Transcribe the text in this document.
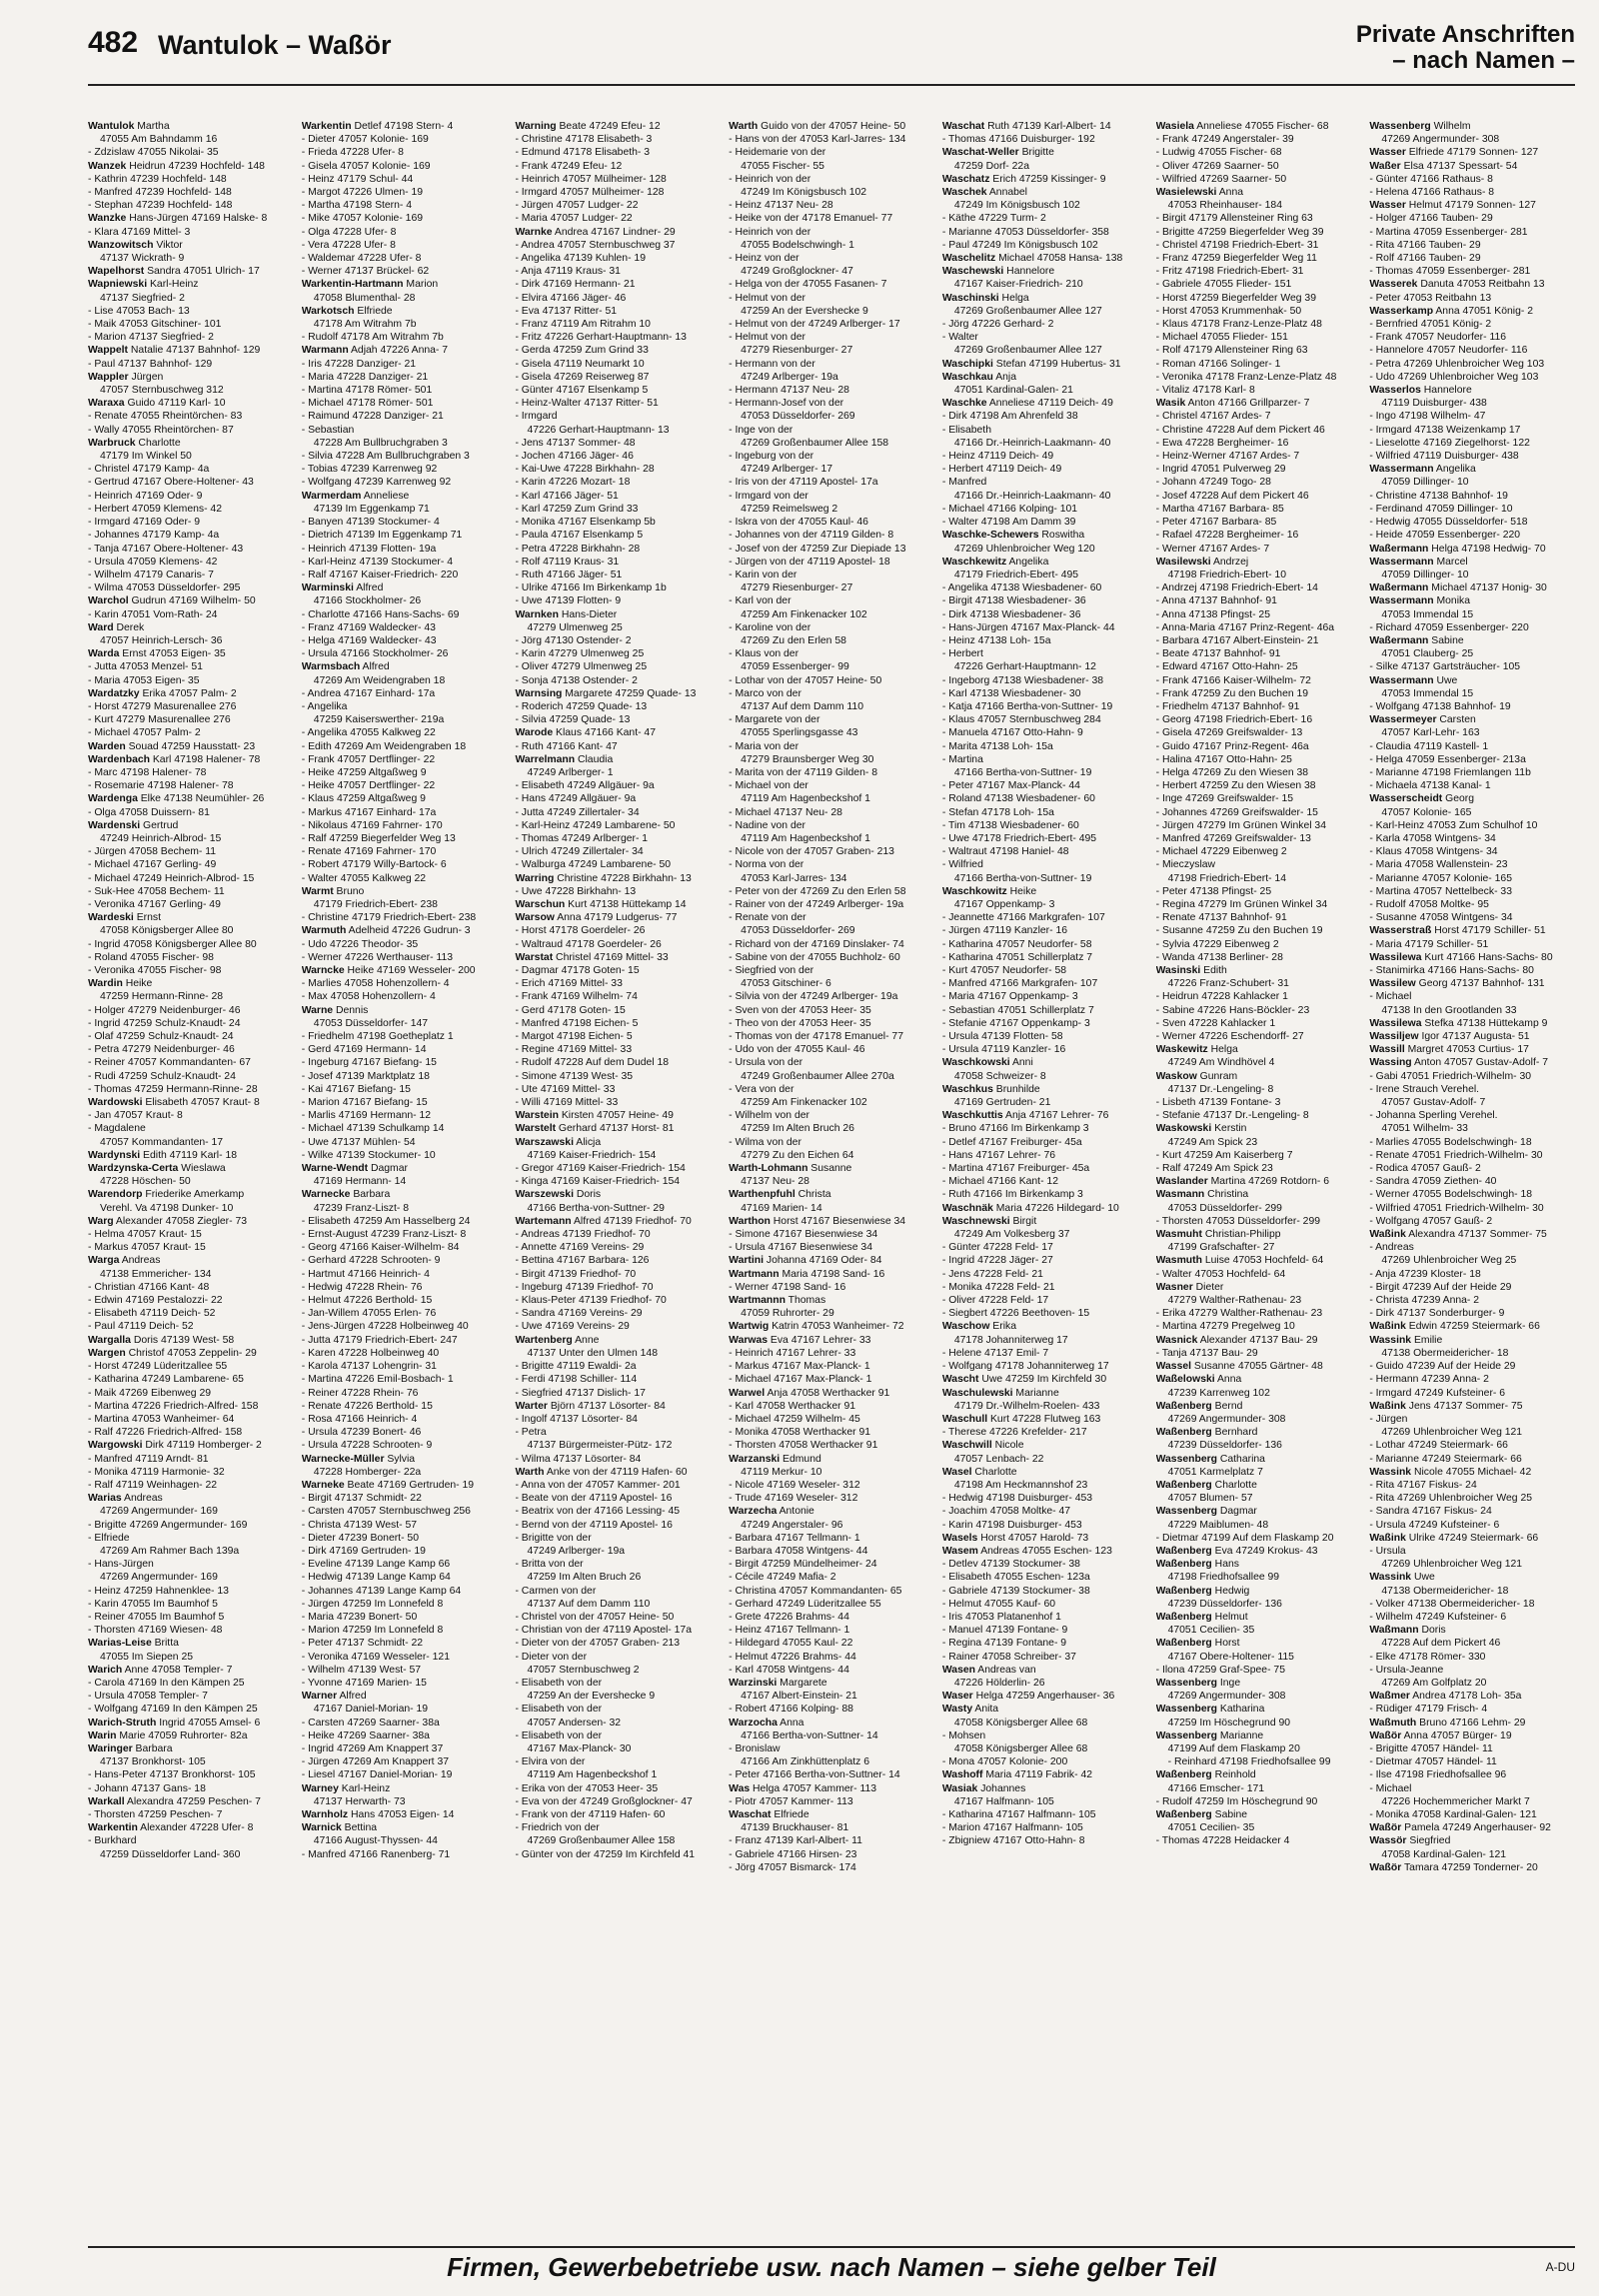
482 Wantulok – Waßör	Private Anschriften
– nach Namen –
Wantulok Martha
47055 Am Bahndamm 16
- Zdzislaw 47055 Nikolai- 35
Wanzek Heidrun 47239 Hochfeld- 148
- Kathrin 47239 Hochfeld- 148
- Manfred 47239 Hochfeld- 148
- Stephan 47239 Hochfeld- 148
Wanzke Hans-Jürgen 47169 Halske- 8
- Klara 47169 Mittel- 3
Wanzowitsch Viktor
47137 Wickrath- 9
Wapelhorst Sandra 47051 Ulrich- 17
Wapniewski Karl-Heinz
47137 Siegfried- 2
- Lise 47053 Bach- 13
- Maik 47053 Gitschiner- 101
- Marion 47137 Siegfried- 2
Wappelt Natalie 47137 Bahnhof- 129
- Paul 47137 Bahnhof- 129
Wappler Jürgen
47057 Sternbuschweg 312
Waraxa Guido 47119 Karl- 10
- Renate 47055 Rheintörchen- 83
- Wally 47055 Rheintörchen- 87
Warbruck Charlotte
47179 Im Winkel 50
- Christel 47179 Kamp- 4a
- Gertrud 47167 Obere-Holtener- 43
- Heinrich 47169 Oder- 9
- Herbert 47059 Klemens- 42
- Irmgard 47169 Oder- 9
- Johannes 47179 Kamp- 4a
- Tanja 47167 Obere-Holtener- 43
- Ursula 47059 Klemens- 42
- Wilhelm 47179 Canaris- 7
- Wilma 47053 Düsseldorfer- 295
Warchol Gudrun 47169 Wilhelm- 50
- Karin 47051 Vom-Rath- 24
Ward Derek
47057 Heinrich-Lersch- 36
Warda Ernst 47053 Eigen- 35
- Jutta 47053 Menzel- 51
- Maria 47053 Eigen- 35
Wardatzky Erika 47057 Palm- 2
- Horst 47279 Masurenallee 276
- Kurt 47279 Masurenallee 276
- Michael 47057 Palm- 2
Warden Souad 47259 Hausstatt- 23
Wardenbach Karl 47198 Halener- 78
- Marc 47198 Halener- 78
- Rosemarie 47198 Halener- 78
Wardenga Elke 47138 Neumühler- 26
- Olga 47058 Duissern- 81
Wardenski Gertrud
47249 Heinrich-Albrod- 15
- Jürgen 47058 Bechem- 11
- Michael 47167 Gerling- 49
- Michael 47249 Heinrich-Albrod- 15
- Suk-Hee 47058 Bechem- 11
- Veronika 47167 Gerling- 49
Wardeski Ernst
47058 Königsberger Allee 80
- Ingrid 47058 Königsberger Allee 80
- Roland 47055 Fischer- 98
- Veronika 47055 Fischer- 98
Wardin Heike
47259 Hermann-Rinne- 28
- Holger 47279 Neidenburger- 46
- Ingrid 47259 Schulz-Knaudt- 24
- Olaf 47259 Schulz-Knaudt- 24
- Petra 47279 Neidenburger- 46
- Reiner 47057 Kommandanten- 67
- Rudi 47259 Schulz-Knaudt- 24
- Thomas 47259 Hermann-Rinne- 28
Wardowski Elisabeth 47057 Kraut- 8
- Jan 47057 Kraut- 8
- Magdalene
47057 Kommandanten- 17
Wardynski Edith 47119 Karl- 18
Wardzynska-Certa Wieslawa
47228 Höschen- 50
Warendorp Friederike Amerkamp
Verehl. Va 47198 Dunker- 10
Warg Alexander 47058 Ziegler- 73
- Helma 47057 Kraut- 15
- Markus 47057 Kraut- 15
Warga Andreas
47138 Emmericher- 134
- Christian 47166 Kant- 48
- Edwin 47169 Pestalozzi- 22
- Elisabeth 47119 Deich- 52
- Paul 47119 Deich- 52
Wargalla Doris 47139 West- 58
Wargen Christof 47053 Zeppelin- 29
- Horst 47249 Lüderitzallee 55
- Katharina 47249 Lambarene- 65
- Maik 47269 Eibenweg 29
- Martina 47226 Friedrich-Alfred- 158
- Martina 47053 Wanheimer- 64
- Ralf 47226 Friedrich-Alfred- 158
Wargowski Dirk 47119 Homberger- 2
- Manfred 47119 Arndt- 81
- Monika 47119 Harmonie- 32
- Ralf 47119 Weinhagen- 22
Warias Andreas
47269 Angermunder- 169
- Brigitte 47269 Angermunder- 169
- Elfriede
47269 Am Rahmer Bach 139a
- Hans-Jürgen
47269 Angermunder- 169
- Heinz 47259 Hahnenklee- 13
- Karin 47055 Im Baumhof 5
- Reiner 47055 Im Baumhof 5
- Thorsten 47169 Wiesen- 48
Warias-Leise Britta
47055 Im Siepen 25
Warich Anne 47058 Templer- 7
- Carola 47169 In den Kämpen 25
- Ursula 47058 Templer- 7
- Wolfgang 47169 In den Kämpen 25
Warich-Struth Ingrid 47055 Amsel- 6
Warin Marie 47059 Ruhrorter- 82a
Waringer Barbara
47137 Bronkhorst- 105
- Hans-Peter 47137 Bronkhorst- 105
- Johann 47137 Gans- 18
Warkall Alexandra 47259 Peschen- 7
- Thorsten 47259 Peschen- 7
Warkentin Alexander 47228 Ufer- 8
- Burkhard
47259 Düsseldorfer Land- 360
Warkentin Detlef 47198 Stern- 4
- Dieter 47057 Kolonie- 169
- Frieda 47228 Ufer- 8
- Gisela 47057 Kolonie- 169
- Heinz 47179 Schul- 44
- Margot 47226 Ulmen- 19
- Martha 47198 Stern- 4
- Mike 47057 Kolonie- 169
- Olga 47228 Ufer- 8
- Vera 47228 Ufer- 8
- Waldemar 47228 Ufer- 8
- Werner 47137 Brückel- 62
Warkentin-Hartmann Marion
47058 Blumenthal- 28
Warkotsch Elfriede
47178 Am Witrahm 7b
- Rudolf 47178 Am Witrahm 7b
Warmann Adjah 47226 Anna- 7
- Iris 47228 Danziger- 21
- Maria 47228 Danziger- 21
- Martina 47178 Römer- 501
- Michael 47178 Römer- 501
- Raimund 47228 Danziger- 21
- Sebastian
47228 Am Bullbruchgraben 3
- Silvia 47228 Am Bullbruchgraben 3
- Tobias 47239 Karrenweg 92
- Wolfgang 47239 Karrenweg 92
Warmerdam Anneliese
47139 Im Eggenkamp 71
- Banyen 47139 Stockumer- 4
- Dietrich 47139 Im Eggenkamp 71
- Heinrich 47139 Flotten- 19a
- Karl-Heinz 47139 Stockumer- 4
- Ralf 47167 Kaiser-Friedrich- 220
Warminski Alfred
47166 Stockholmer- 26
- Charlotte 47166 Hans-Sachs- 69
- Franz 47169 Waldecker- 43
- Helga 47169 Waldecker- 43
- Ursula 47166 Stockholmer- 26
Warmsbach Alfred
47269 Am Weidengraben 18
- Andrea 47167 Einhard- 17a
- Angelika
47259 Kaiserswerther- 219a
- Angelika 47055 Kalkweg 22
- Edith 47269 Am Weidengraben 18
- Frank 47057 Dertflinger- 22
- Heike 47259 Altgaßweg 9
- Heike 47057 Dertflinger- 22
- Klaus 47259 Altgaßweg 9
- Markus 47167 Einhard- 17a
- Nikolaus 47169 Fahrner- 170
- Ralf 47259 Biegerfelder Weg 13
- Renate 47169 Fahrner- 170
- Robert 47179 Willy-Bartock- 6
- Walter 47055 Kalkweg 22
Warmt Bruno
47179 Friedrich-Ebert- 238
- Christine 47179 Friedrich-Ebert- 238
Warmuth Adelheid 47226 Gudrun- 3
- Udo 47226 Theodor- 35
- Werner 47226 Werthauser- 113
Warncke Heike 47169 Wesseler- 200
- Marlies 47058 Hohenzollern- 4
- Max 47058 Hohenzollern- 4
Warne Dennis
47053 Düsseldorfer- 147
- Friedhelm 47198 Goetheplatz 1
- Gerd 47169 Hermann- 14
- Ingeburg 47167 Biefang- 15
- Josef 47139 Marktplatz 18
- Kai 47167 Biefang- 15
- Marion 47167 Biefang- 15
- Marlis 47169 Hermann- 12
- Michael 47139 Schulkamp 14
- Uwe 47137 Mühlen- 54
- Wilke 47139 Stockumer- 10
Warne-Wendt Dagmar
47169 Hermann- 14
Warnecke Barbara
47239 Franz-Liszt- 8
- Elisabeth 47259 Am Hasselberg 24
- Ernst-August 47239 Franz-Liszt- 8
- Georg 47166 Kaiser-Wilhelm- 84
- Gerhard 47228 Schrooten- 9
- Hartmut 47166 Heinrich- 4
- Hedwig 47228 Rhein- 76
- Helmut 47226 Berthold- 15
- Jan-Willem 47055 Erlen- 76
- Jens-Jürgen 47228 Holbeinweg 40
- Jutta 47179 Friedrich-Ebert- 247
- Karen 47228 Holbeinweg 40
- Karola 47137 Lohengrin- 31
- Martina 47226 Emil-Bosbach- 1
- Reiner 47228 Rhein- 76
- Renate 47226 Berthold- 15
- Rosa 47166 Heinrich- 4
- Ursula 47239 Bonert- 46
- Ursula 47228 Schrooten- 9
Warnecke-Müller Sylvia
47228 Homberger- 22a
Warneke Beate 47169 Gertruden- 19
- Birgit 47137 Schmidt- 22
- Carsten 47057 Sternbuschweg 256
- Christa 47139 West- 57
- Dieter 47239 Bonert- 50
- Dirk 47169 Gertruden- 19
- Eveline 47139 Lange Kamp 66
- Hedwig 47139 Lange Kamp 64
- Johannes 47139 Lange Kamp 64
- Jürgen 47259 Im Lonnefeld 8
- Maria 47239 Bonert- 50
- Marion 47259 Im Lonnefeld 8
- Peter 47137 Schmidt- 22
- Veronika 47169 Wesseler- 121
- Wilhelm 47139 West- 57
- Yvonne 47169 Marien- 15
Warner Alfred
47167 Daniel-Morian- 19
- Carsten 47269 Saarner- 38a
- Heike 47269 Saarner- 38a
- Ingrid 47269 Am Knappert 37
- Jürgen 47269 Am Knappert 37
- Liesel 47167 Daniel-Morian- 19
Warney Karl-Heinz
47137 Herwarth- 73
Warnholz Hans 47053 Eigen- 14
Warnick Bettina
47166 August-Thyssen- 44
- Manfred 47166 Ranenberg- 71
Warning Beate 47249 Efeu- 12
- Christine 47178 Elisabeth- 3
- Edmund 47178 Elisabeth- 3
- Frank 47249 Efeu- 12
- Heinrich 47057 Mülheimer- 128
- Irmgard 47057 Mülheimer- 128
- Jürgen 47057 Ludger- 22
- Maria 47057 Ludger- 22
Warnke Andrea 47167 Lindner- 29
- Andrea 47057 Sternbuschweg 37
- Angelika 47139 Kuhlen- 19
- Anja 47119 Kraus- 31
- Dirk 47169 Hermann- 21
- Elvira 47166 Jäger- 46
- Eva 47137 Ritter- 51
- Franz 47119 Am Ritrahm 10
- Fritz 47226 Gerhart-Hauptmann- 13
- Gerda 47259 Zum Grind 33
- Gisela 47119 Neumarkt 10
- Gisela 47269 Reiserweg 87
- Günter 47167 Elsenkamp 5
- Heinz-Walter 47137 Ritter- 51
- Irmgard
47226 Gerhart-Hauptmann- 13
- Jens 47137 Sommer- 48
- Jochen 47166 Jäger- 46
- Kai-Uwe 47228 Birkhahn- 28
- Karin 47226 Mozart- 18
- Karl 47166 Jäger- 51
- Karl 47259 Zum Grind 33
- Monika 47167 Elsenkamp 5b
- Paula 47167 Elsenkamp 5
- Petra 47228 Birkhahn- 28
- Rolf 47119 Kraus- 31
- Ruth 47166 Jäger- 51
- Ulrike 47166 Im Birkenkamp 1b
- Uwe 47139 Flotten- 9
Warnken Hans-Dieter
47279 Ulmenweg 25
- Jörg 47130 Ostender- 2
- Karin 47279 Ulmenweg 25
- Oliver 47279 Ulmenweg 25
- Sonja 47138 Ostender- 2
Warnsing Margarete 47259 Quade- 13
- Roderich 47259 Quade- 13
- Silvia 47259 Quade- 13
Warode Klaus 47166 Kant- 47
- Ruth 47166 Kant- 47
Warrelmann Claudia
47249 Arlberger- 1
- Elisabeth 47249 Allgäuer- 9a
- Hans 47249 Allgäuer- 9a
- Jutta 47249 Zillertaler- 34
- Karl-Heinz 47249 Lambarene- 50
- Thomas 47249 Arlberger- 1
- Ulrich 47249 Zillertaler- 34
- Walburga 47249 Lambarene- 50
Warring Christine 47228 Birkhahn- 13
- Uwe 47228 Birkhahn- 13
Warschun Kurt 47138 Hüttekamp 14
Warsow Anna 47179 Ludgerus- 77
- Horst 47178 Goerdeler- 26
- Waltraud 47178 Goerdeler- 26
Warstat Christel 47169 Mittel- 33
- Dagmar 47178 Goten- 15
- Erich 47169 Mittel- 33
- Frank 47169 Wilhelm- 74
- Gerd 47178 Goten- 15
- Manfred 47198 Eichen- 5
- Margot 47198 Eichen- 5
- Regine 47169 Mittel- 33
- Rudolf 47228 Auf dem Dudel 18
- Simone 47139 West- 35
- Ute 47169 Mittel- 33
- Willi 47169 Mittel- 33
Warstein Kirsten 47057 Heine- 49
Warstelt Gerhard 47137 Horst- 81
Warszawski Alicja
47169 Kaiser-Friedrich- 154
- Gregor 47169 Kaiser-Friedrich- 154
- Kinga 47169 Kaiser-Friedrich- 154
Warszewski Doris
47166 Bertha-von-Suttner- 29
Wartemann Alfred 47139 Friedhof- 70
- Andreas 47139 Friedhof- 70
- Annette 47169 Vereins- 29
- Bettina 47167 Barbara- 126
- Birgit 47139 Friedhof- 70
- Ingeburg 47139 Friedhof- 70
- Klaus-Peter 47139 Friedhof- 70
- Sandra 47169 Vereins- 29
- Uwe 47169 Vereins- 29
Wartenberg Anne
47137 Unter den Ulmen 148
- Brigitte 47119 Ewaldi- 2a
- Ferdi 47198 Schiller- 114
- Siegfried 47137 Dislich- 17
Warter Björn 47137 Lösorter- 84
- Ingolf 47137 Lösorter- 84
- Petra
47137 Bürgermeister-Pütz- 172
- Wilma 47137 Lösorter- 84
Warth Anke von der 47119 Hafen- 60
- Anna von der 47057 Kammer- 201
- Beate von der 47119 Apostel- 16
- Beatrix von der 47166 Lessing- 45
- Bernd von der 47119 Apostel- 16
- Brigitte von der
47249 Arlberger- 19a
- Britta von der
47259 Im Alten Bruch 26
- Carmen von der
47137 Auf dem Damm 110
- Christel von der 47057 Heine- 50
- Christian von der 47119 Apostel- 17a
- Dieter von der 47057 Graben- 213
- Dieter von der
47057 Sternbuschweg 2
- Elisabeth von der
47259 An der Eversheckе 9
- Elisabeth von der
47057 Andersen- 32
- Elisabeth von der
47167 Max-Planck- 30
- Elvira von der
47119 Am Hagenbeckshof 1
- Erika von der 47053 Heer- 35
- Eva von der 47249 Großglockner- 47
- Frank von der 47119 Hafen- 60
- Friedrich von der
47269 Großenbaumer Allee 158
- Günter von der 47259 Im Kirchfeld 41
Warth Guido von der 47057 Heine- 50
- Hans von der 47053 Karl-Jarres- 134
- Heidemarie von der
47055 Fischer- 55
- Heinrich von der
47249 Im Königsbusch 102
- Heinz 47137 Neu- 28
- Heike von der 47178 Emanuel- 77
- Heinrich von der
47055 Bodelschwingh- 1
- Heinz von der
47249 Großglockner- 47
- Helga von der 47055 Fasanen- 7
- Helmut von der
47259 An der Evershecke 9
- Helmut von der 47249 Arlberger- 17
- Helmut von der
47279 Riesenburger- 27
- Hermann von der
47249 Arlberger- 19a
- Hermann 47137 Neu- 28
- Hermann-Josef von der
47053 Düsseldorfer- 269
- Inge von der
47269 Großenbaumer Allee 158
- Ingeburg von der
47249 Arlberger- 17
- Iris von der 47119 Apostel- 17a
- Irmgard von der
47259 Reimelsweg 2
- Iskra von der 47055 Kaul- 46
- Johannes von der 47119 Gilden- 8
- Josef von der 47259 Zur Diepiade 13
- Jürgen von der 47119 Apostel- 18
- Karin von der
47279 Riesenburger- 27
- Karl von der
47259 Am Finkenacker 102
- Karoline von der
47269 Zu den Erlen 58
- Klaus von der
47059 Essenberger- 99
- Lothar von der 47057 Heine- 50
- Marco von der
47137 Auf dem Damm 110
- Margarete von der
47055 Sperlingsgasse 43
- Maria von der
47279 Braunsberger Weg 30
- Marita von der 47119 Gilden- 8
- Michael von der
47119 Am Hagenbeckshof 1
- Michael 47137 Neu- 28
- Nadine von der
47119 Am Hagenbeckshof 1
- Nicole von der 47057 Graben- 213
- Norma von der
47053 Karl-Jarres- 134
- Peter von der 47269 Zu den Erlen 58
- Rainer von der 47249 Arlberger- 19a
- Renate von der
47053 Düsseldorfer- 269
- Richard von der 47169 Dinslaker- 74
- Sabine von der 47055 Buchholz- 60
- Siegfried von der
47053 Gitschiner- 6
- Silvia von der 47249 Arlberger- 19a
- Sven von der 47053 Heer- 35
- Theo von der 47053 Heer- 35
- Thomas von der 47178 Emanuel- 77
- Udo von der 47055 Kaul- 46
- Ursula von der
47249 Großenbaumer Allee 270a
- Vera von der
47259 Am Finkenacker 102
- Wilhelm von der
47259 Im Alten Bruch 26
- Wilma von der
47279 Zu den Eichen 64
Warth-Lohmann Susanne
47137 Neu- 28
Warthenpfuhl Christa
47169 Marien- 14
Warthon Horst 47167 Biesenwiese 34
- Simone 47167 Biesenwiese 34
- Ursula 47167 Biesenwiese 34
Wartini Johanna 47169 Oder- 84
Wartmann Maria 47198 Sand- 16
- Werner 47198 Sand- 16
Wartmannn Thomas
47059 Ruhrorter- 29
Wartwig Katrin 47053 Wanheimer- 72
Warwas Eva 47167 Lehrer- 33
- Heinrich 47167 Lehrer- 33
- Markus 47167 Max-Planck- 1
- Michael 47167 Max-Planck- 1
Warwel Anja 47058 Werthacker 91
- Karl 47058 Werthacker 91
- Michael 47259 Wilhelm- 45
- Monika 47058 Werthacker 91
- Thorsten 47058 Werthacker 91
Warzanski Edmund
47119 Merkur- 10
- Nicole 47169 Weseler- 312
- Trude 47169 Weseler- 312
Warzecha Antonie
47249 Angerstaler- 96
- Barbara 47167 Tellmann- 1
- Barbara 47058 Wintgens- 44
- Birgit 47259 Mündelheimer- 24
- Cécile 47249 Mafia- 2
- Christina 47057 Kommandanten- 65
- Gerhard 47249 Lüderitzallee 55
- Grete 47226 Brahms- 44
- Heinz 47167 Tellmann- 1
- Hildegard 47055 Kaul- 22
- Helmut 47226 Brahms- 44
- Karl 47058 Wintgens- 44
Warzinski Margarete
47167 Albert-Einstein- 21
- Robert 47166 Kolping- 88
Warzocha Anna
47166 Bertha-von-Suttner- 14
- Bronislaw
47166 Am Zinkhüttenplatz 6
- Peter 47166 Bertha-von-Suttner- 14
Was Helga 47057 Kammer- 113
- Piotr 47057 Kammer- 113
Waschat Elfriede
47139 Bruckhauser- 81
- Franz 47139 Karl-Albert- 11
- Gabriele 47166 Hirsen- 23
- Jörg 47057 Bismarck- 174
Waschat Ruth 47139 Karl-Albert- 14
- Thomas 47166 Duisburger- 192
Waschat-Weller Brigitte
47259 Dorf- 22a
Waschatz Erich 47259 Kissinger- 9
Waschek Annabel
47249 Im Königsbusch 102
- Käthe 47229 Turm- 2
- Marianne 47053 Düsseldorfer- 358
- Paul 47249 Im Königsbusch 102
Waschelitz Michael 47058 Hansa- 138
Waschewski Hannelore
47167 Kaiser-Friedrich- 210
Waschinski Helga
47269 Großenbaumer Allee 127
- Jörg 47226 Gerhard- 2
- Walter
47269 Großenbaumer Allee 127
Waschipki Stefan 47199 Hubertus- 31
Waschkau Anja
47051 Kardinal-Galen- 21
Waschke Anneliese 47119 Deich- 49
- Dirk 47198 Am Ahrenfeld 38
- Elisabeth
47166 Dr.-Heinrich-Laakmann- 40
- Heinz 47119 Deich- 49
- Herbert 47119 Deich- 49
- Manfred
47166 Dr.-Heinrich-Laakmann- 40
- Michael 47166 Kolping- 101
- Walter 47198 Am Damm 39
Waschke-Schewers Roswitha
47269 Uhlenbroicher Weg 120
Waschkewitz Angelika
47179 Friedrich-Ebert- 495
- Angelika 47138 Wiesbadener- 60
- Birgit 47138 Wiesbadener- 36
- Dirk 47138 Wiesbadener- 36
- Hans-Jürgen 47167 Max-Planck- 44
- Heinz 47138 Loh- 15a
- Herbert
47226 Gerhart-Hauptmann- 12
- Ingeborg 47138 Wiesbadener- 38
- Karl 47138 Wiesbadener- 30
- Katja 47166 Bertha-von-Suttner- 19
- Klaus 47057 Sternbuschweg 284
- Manuela 47167 Otto-Hahn- 9
- Marita 47138 Loh- 15a
- Martina
47166 Bertha-von-Suttner- 19
- Peter 47167 Max-Planck- 44
- Roland 47138 Wiesbadener- 60
- Stefan 47178 Loh- 15a
- Tim 47138 Wiesbadener- 60
- Uwe 47178 Friedrich-Ebert- 495
- Waltraut 47198 Haniel- 48
- Wilfried
47166 Bertha-von-Suttner- 19
Waschkowitz Heike
47167 Oppenkamp- 3
- Jeannette 47166 Markgrafen- 107
- Jürgen 47119 Kanzler- 16
- Katharina 47057 Neudorfer- 58
- Katharina 47051 Schillerplatz 7
- Kurt 47057 Neudorfer- 58
- Manfred 47166 Markgrafen- 107
- Maria 47167 Oppenkamp- 3
- Sebastian 47051 Schillerplatz 7
- Stefanie 47167 Oppenkamp- 3
- Ursula 47139 Flotten- 58
- Ursula 47119 Kanzler- 16
Waschkowski Anni
47058 Schweizer- 8
Waschkus Brunhilde
47169 Gertruden- 21
Waschkuttis Anja 47167 Lehrer- 76
- Bruno 47166 Im Birkenkamp 3
- Detlef 47167 Freiburger- 45a
- Hans 47167 Lehrer- 76
- Martina 47167 Freiburger- 45a
- Michael 47166 Kant- 12
- Ruth 47166 Im Birkenkamp 3
Waschnäk Maria 47226 Hildegard- 10
Waschnewski Birgit
47249 Am Volkesberg 37
- Günter 47228 Feld- 17
- Ingrid 47228 Jäger- 27
- Jens 47228 Feld- 21
- Monika 47228 Feld- 21
- Oliver 47228 Feld- 17
- Siegbert 47226 Beethoven- 15
Waschow Erika
47178 Johanniterweg 17
- Helene 47137 Emil- 7
- Wolfgang 47178 Johanniterweg 17
Wascht Uwe 47259 Im Kirchfeld 30
Waschulewski Marianne
47179 Dr.-Wilhelm-Roelen- 433
Waschull Kurt 47228 Flutweg 163
- Therese 47226 Krefelder- 217
Waschwill Nicole
47057 Lenbach- 22
Wasel Charlotte
47198 Am Heckmannshof 23
- Hedwig 47198 Duisburger- 453
- Joachim 47058 Moltke- 47
- Karin 47198 Duisburger- 453
Wasels Horst 47057 Harold- 73
Wasem Andreas 47055 Eschen- 123
- Detlev 47139 Stockumer- 38
- Elisabeth 47055 Eschen- 123a
- Gabriele 47139 Stockumer- 38
- Helmut 47055 Kauf- 60
- Iris 47053 Platanenhof 1
- Manuel 47139 Fontane- 9
- Regina 47139 Fontane- 9
- Rainer 47058 Schreiber- 37
Wasen Andreas van
47226 Hölderlin- 26
Waser Helga 47259 Angerhauser- 36
Wasty Anita
47058 Königsberger Allee 68
- Mohsen
47058 Königsberger Allee 68
- Mona 47057 Kolonie- 200
Washoff Maria 47119 Fabrik- 42
Wasiak Johannes
47167 Halfmann- 105
- Katharina 47167 Halfmann- 105
- Marion 47167 Halfmann- 105
- Zbigniew 47167 Otto-Hahn- 8
Wasiela Anneliese 47055 Fischer- 68
- Frank 47249 Angerstaler- 39
- Ludwig 47055 Fischer- 68
- Oliver 47269 Saarner- 50
- Wilfried 47269 Saarner- 50
Wasielewski Anna
47053 Rheinhauser- 184
- Birgit 47179 Allensteiner Ring 63
- Brigitte 47259 Biegerfelder Weg 39
- Christel 47198 Friedrich-Ebert- 31
- Franz 47259 Biegerfelder Weg 11
- Fritz 47198 Friedrich-Ebert- 31
- Gabriele 47055 Flieder- 151
- Horst 47259 Biegerfelder Weg 39
- Horst 47053 Krummenhak- 50
- Klaus 47178 Franz-Lenze-Platz 48
- Michael 47055 Flieder- 151
- Rolf 47179 Allensteiner Ring 63
- Roman 47166 Solinger- 1
- Veronika 47178 Franz-Lenze-Platz 48
- Vitaliz 47178 Karl- 8
Wasik Anton 47166 Grillparzer- 7
- Christel 47167 Ardes- 7
- Christine 47228 Auf dem Pickert 46
- Ewa 47228 Bergheimer- 16
- Heinz-Werner 47167 Ardes- 7
- Ingrid 47051 Pulverweg 29
- Johann 47249 Togo- 28
- Josef 47228 Auf dem Pickert 46
- Martha 47167 Barbara- 85
- Peter 47167 Barbara- 85
- Rafael 47228 Bergheimer- 16
- Werner 47167 Ardes- 7
Wasilewski Andrzej
47198 Friedrich-Ebert- 10
- Andrzej 47198 Friedrich-Ebert- 14
- Anna 47137 Bahnhof- 91
- Anna 47138 Pfingst- 25
- Anna-Maria 47167 Prinz-Regent- 46a
- Barbara 47167 Albert-Einstein- 21
- Beate 47137 Bahnhof- 91
- Edward 47167 Otto-Hahn- 25
- Frank 47166 Kaiser-Wilhelm- 72
- Frank 47259 Zu den Buchen 19
- Friedhelm 47137 Bahnhof- 91
- Georg 47198 Friedrich-Ebert- 16
- Gisela 47269 Greifswalder- 13
- Guido 47167 Prinz-Regent- 46a
- Halina 47167 Otto-Hahn- 25
- Helga 47269 Zu den Wiesen 38
- Herbert 47259 Zu den Wiesen 38
- Inge 47269 Greifswalder- 15
- Johannes 47269 Greifswalder- 15
- Jürgen 47279 Im Grünen Winkel 34
- Manfred 47269 Greifswalder- 13
- Michael 47229 Eibenweg 2
- Mieczyslaw
47198 Friedrich-Ebert- 14
- Peter 47138 Pfingst- 25
- Regina 47279 Im Grünen Winkel 34
- Renate 47137 Bahnhof- 91
- Susanne 47259 Zu den Buchen 19
- Sylvia 47229 Eibenweg 2
- Wanda 47138 Berliner- 28
Wasinski Edith
47226 Franz-Schubert- 31
- Heidrun 47228 Kahlacker 1
- Sabine 47226 Hans-Böckler- 23
- Sven 47228 Kahlacker 1
- Werner 47226 Eschendorff- 27
Waskewitz Helga
47249 Am Windhövel 4
Waskow Gunram
47137 Dr.-Lengeling- 8
- Lisbeth 47139 Fontane- 3
- Stefanie 47137 Dr.-Lengeling- 8
Waskowski Kerstin
47249 Am Spick 23
- Kurt 47259 Am Kaiserberg 7
- Ralf 47249 Am Spick 23
Waslander Martina 47269 Rotdorn- 6
Wasmann Christina
47053 Düsseldorfer- 299
- Thorsten 47053 Düsseldorfer- 299
Wasmuht Christian-Philipp
47199 Grafschafter- 27
Wasmuth Luise 47053 Hochfeld- 64
- Walter 47053 Hochfeld- 64
Wasner Dieter
47279 Walther-Rathenau- 23
- Erika 47279 Walther-Rathenau- 23
- Martina 47279 Pregelweg 10
Wasnick Alexander 47137 Bau- 29
- Tanja 47137 Bau- 29
Wassel Susanne 47055 Gärtner- 48
Waßelowski Anna
47239 Karrenweg 102
Waßenberg Bernd
47269 Angermunder- 308
Waßenberg Bernhard
47239 Düsseldorfer- 136
Wassenberg Catharina
47051 Karmelplatz 7
Waßenberg Charlotte
47057 Blumen- 57
Wassenberg Dagmar
47229 Maiblumen- 48
- Dietmar 47199 Auf dem Flaskamp 20
Waßenberg Eva 47249 Krokus- 43
Waßenberg Hans
47198 Friedhofsallee 99
Waßenberg Hedwig
47239 Düsseldorfer- 136
Waßenberg Helmut
47051 Cecilien- 35
Waßenberg Horst
47167 Obere-Holtener- 115
- Ilona 47259 Graf-Spee- 75
Wassenberg Inge
47269 Angermunder- 308
Wassenberg Katharina
47259 Im Höschegrund 90
Wassenberg Marianne
47199 Auf dem Flaskamp 20
- Reinhard 47198 Friedhofsallee 99
Waßenberg Reinhold
47166 Emscher- 171
- Rudolf 47259 Im Höschegrund 90
Waßenberg Sabine
47051 Cecilien- 35
- Thomas 47228 Heidacker 4
Wassenberg Wilhelm
47269 Angermunder- 308
Wasser Elfriede 47179 Sonnen- 127
Waßer Elsa 47137 Spessart- 54
- Günter 47166 Rathaus- 8
- Helena 47166 Rathaus- 8
Wasser Helmut 47179 Sonnen- 127
- Holger 47166 Tauben- 29
- Martina 47059 Essenberger- 281
- Rita 47166 Tauben- 29
- Rolf 47166 Tauben- 29
- Thomas 47059 Essenberger- 281
Wasserek Danuta 47053 Reitbahn 13
- Peter 47053 Reitbahn 13
Wasserkamp Anna 47051 König- 2
- Bernfried 47051 König- 2
- Frank 47057 Neudorfer- 116
- Hannelore 47057 Neudorfer- 116
- Petra 47269 Uhlenbroicher Weg 103
- Udo 47269 Uhlenbroicher Weg 103
Wasserlos Hannelore
47119 Duisburger- 438
- Ingo 47198 Wilhelm- 47
- Irmgard 47138 Weizenkamp 17
- Lieselotte 47169 Ziegelhorst- 122
- Wilfried 47119 Duisburger- 438
Wassermann Angelika
47059 Dillinger- 10
- Christine 47138 Bahnhof- 19
- Ferdinand 47059 Dillinger- 10
- Hedwig 47055 Düsseldorfer- 518
- Heide 47059 Essenberger- 220
Waßermann Helga 47198 Hedwig- 70
Wassermann Marcel
47059 Dillinger- 10
Waßermann Michael 47137 Honig- 30
Wassermann Monika
47053 Immendal 15
- Richard 47059 Essenberger- 220
Waßermann Sabine
47051 Clauberg- 25
- Silke 47137 Gartsträucher- 105
Wassermann Uwe
47053 Immendal 15
- Wolfgang 47138 Bahnhof- 19
Wassermeyer Carsten
47057 Karl-Lehr- 163
- Claudia 47119 Kastell- 1
- Helga 47059 Essenberger- 213a
- Marianne 47198 Friemlangen 11b
- Michaela 47138 Kanal- 1
Wasserscheidt Georg
47057 Kolonie- 165
- Karl-Heinz 47053 Zum Schulhof 10
- Karla 47058 Wintgens- 34
- Klaus 47058 Wintgens- 34
- Maria 47058 Wallenstein- 23
- Marianne 47057 Kolonie- 165
- Martina 47057 Nettelbeck- 33
- Rudolf 47058 Moltke- 95
- Susanne 47058 Wintgens- 34
Wasserstraß Horst 47179 Schiller- 51
- Maria 47179 Schiller- 51
Wassilewa Kurt 47166 Hans-Sachs- 80
- Stanimirka 47166 Hans-Sachs- 80
Wassilew Georg 47137 Bahnhof- 131
- Michael
47138 In den Grootlanden 33
Wassilewa Stefka 47138 Hüttekamp 9
Wassiljew Igor 47137 Augusta- 51
Wassill Margret 47053 Curtius- 17
Wassing Anton 47057 Gustav-Adolf- 7
- Gabi 47051 Friedrich-Wilhelm- 30
- Irene Strauch Verehel.
47057 Gustav-Adolf- 7
- Johanna Sperling Verehel.
47051 Wilhelm- 33
- Marlies 47055 Bodelschwingh- 18
- Renate 47051 Friedrich-Wilhelm- 30
- Rodica 47057 Gauß- 2
- Sandra 47059 Ziethen- 40
- Werner 47055 Bodelschwingh- 18
- Wilfried 47051 Friedrich-Wilhelm- 30
- Wolfgang 47057 Gauß- 2
Waßink Alexandra 47137 Sommer- 75
- Andreas
47269 Uhlenbroicher Weg 25
- Anja 47239 Kloster- 18
- Birgit 47239 Auf der Heide 29
- Christa 47239 Anna- 2
- Dirk 47137 Sonderburger- 9
Waßink Edwin 47259 Steiermark- 66
Wassink Emilie
47138 Obermeidericher- 18
- Guido 47239 Auf der Heide 29
- Hermann 47239 Anna- 2
- Irmgard 47249 Kufsteiner- 6
Waßink Jens 47137 Sommer- 75
- Jürgen
47269 Uhlenbroicher Weg 121
- Lothar 47249 Steiermark- 66
- Marianne 47249 Steiermark- 66
Wassink Nicole 47055 Michael- 42
- Rita 47167 Fiskus- 24
- Rita 47269 Uhlenbroicher Weg 25
- Sandra 47167 Fiskus- 24
- Ursula 47249 Kufsteiner- 6
Waßink Ulrike 47249 Steiermark- 66
- Ursula
47269 Uhlenbroicher Weg 121
Wassink Uwe
47138 Obermeidericher- 18
- Volker 47138 Obermeidericher- 18
- Wilhelm 47249 Kufsteiner- 6
Waßmann Doris
47228 Auf dem Pickert 46
- Elke 47178 Römer- 330
- Ursula-Jeanne
47269 Am Golfplatz 20
Waßmer Andrea 47178 Loh- 35a
- Rüdiger 47179 Frisch- 4
Waßmuth Bruno 47166 Lehm- 29
Waßör Anna 47057 Bürger- 19
- Brigitte 47057 Händel- 11
- Dietmar 47057 Händel- 11
- Ilse 47198 Friedhofsallee 96
- Michael
47226 Hochemmericher Markt 7
- Monika 47058 Kardinal-Galen- 121
Waßör Pamela 47249 Angerhauser- 92
Wassör Siegfried
47058 Kardinal-Galen- 121
Waßör Tamara 47259 Tonderner- 20
Firmen, Gewerbebetriebe usw. nach Namen – siehe gelber Teil	A-DU
